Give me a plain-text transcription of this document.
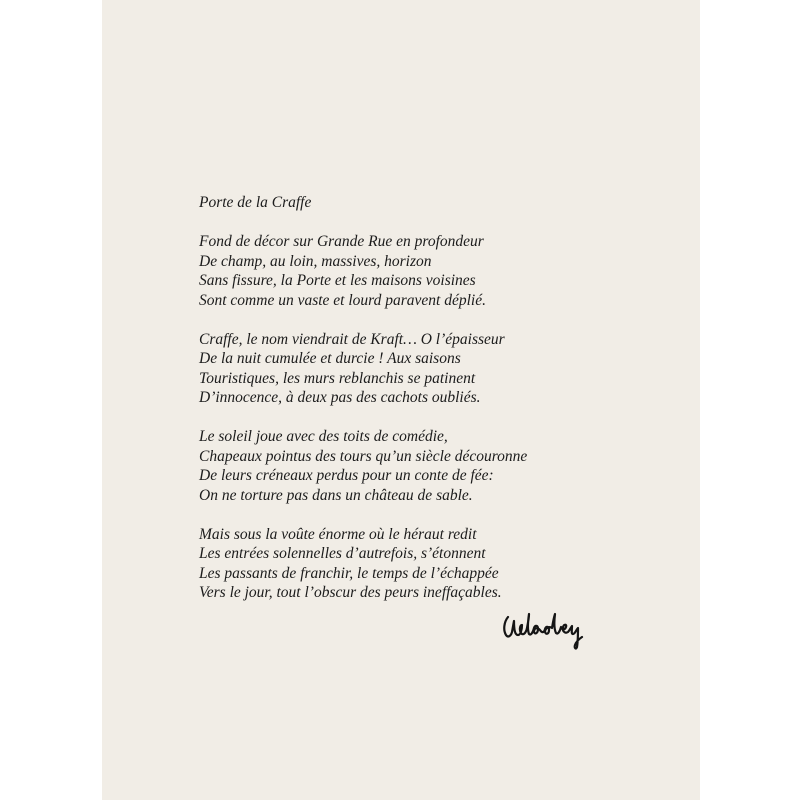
Porte de la Craffe
Fond de décor sur Grande Rue en profondeur
De champ, au loin, massives, horizon
Sans fissure, la Porte et les maisons voisines
Sont comme un vaste et lourd paravent déplié.
Craffe, le nom viendrait de Kraft… O l’épaisseur
De la nuit cumulée et durcie ! Aux saisons
Touristiques, les murs reblanchis se patinent
D’innocence, à deux pas des cachots oubliés.
Le soleil joue avec des toits de comédie,
Chapeaux pointus des tours qu’un siècle découronne
De leurs créneaux perdus pour un conte de fée:
On ne torture pas dans un château de sable.
Mais sous la voûte énorme où le héraut redit
Les entrées solennelles d’autrefois, s’étonnent
Les passants de franchir, le temps de l’échappée
Vers le jour, tout l’obscur des peurs ineffaçables.
